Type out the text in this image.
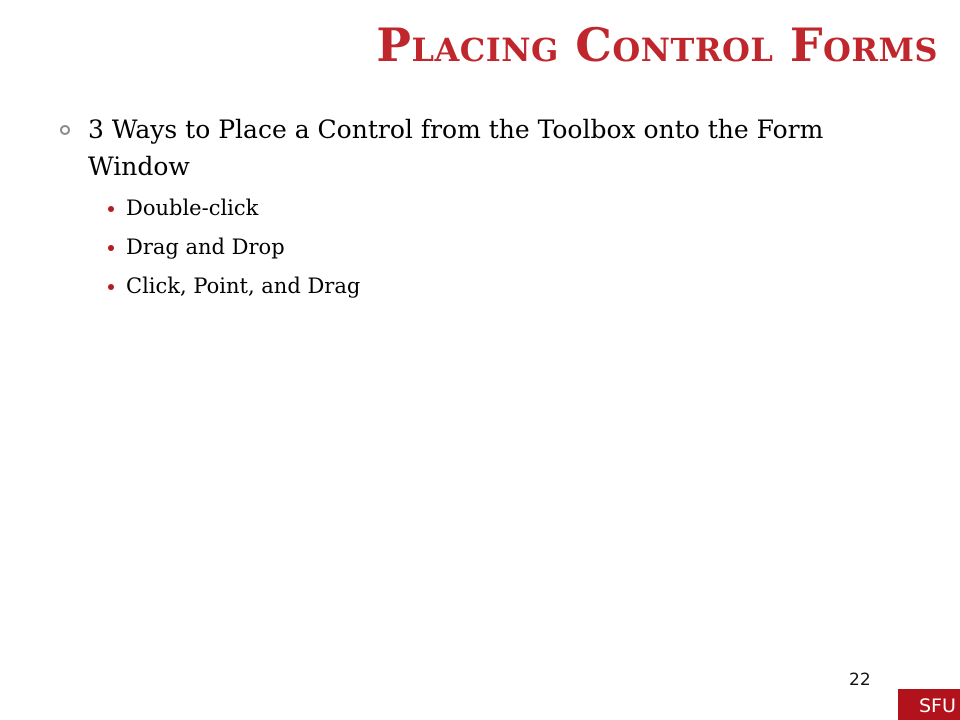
Placing Control Forms
3 Ways to Place a Control from the Toolbox onto the Form Window
Double-click
Drag and Drop
Click, Point, and Drag
22
SFU
